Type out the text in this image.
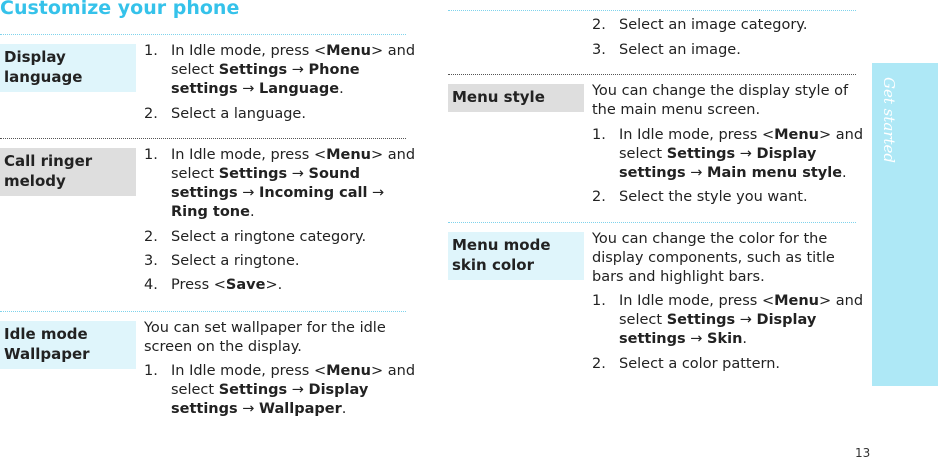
Customize your phone
Display language
1. In Idle mode, press <Menu> and select Settings → Phone settings → Language.
2. Select a language.
Call ringer melody
1. In Idle mode, press <Menu> and select Settings → Sound settings → Incoming call → Ring tone.
2. Select a ringtone category.
3. Select a ringtone.
4. Press <Save>.
Idle mode Wallpaper
You can set wallpaper for the idle screen on the display.
1. In Idle mode, press <Menu> and select Settings → Display settings → Wallpaper.
2. Select an image category.
3. Select an image.
Menu style	You can change the display style of the main menu screen.
1. In Idle mode, press <Menu> and select Settings → Display settings → Main menu style.
2. Select the style you want.
Menu mode skin color
You can change the color for the display components, such as title bars and highlight bars.
1. In Idle mode, press <Menu> and select Settings → Display settings → Skin.
2. Select a color pattern.
Get started
13
